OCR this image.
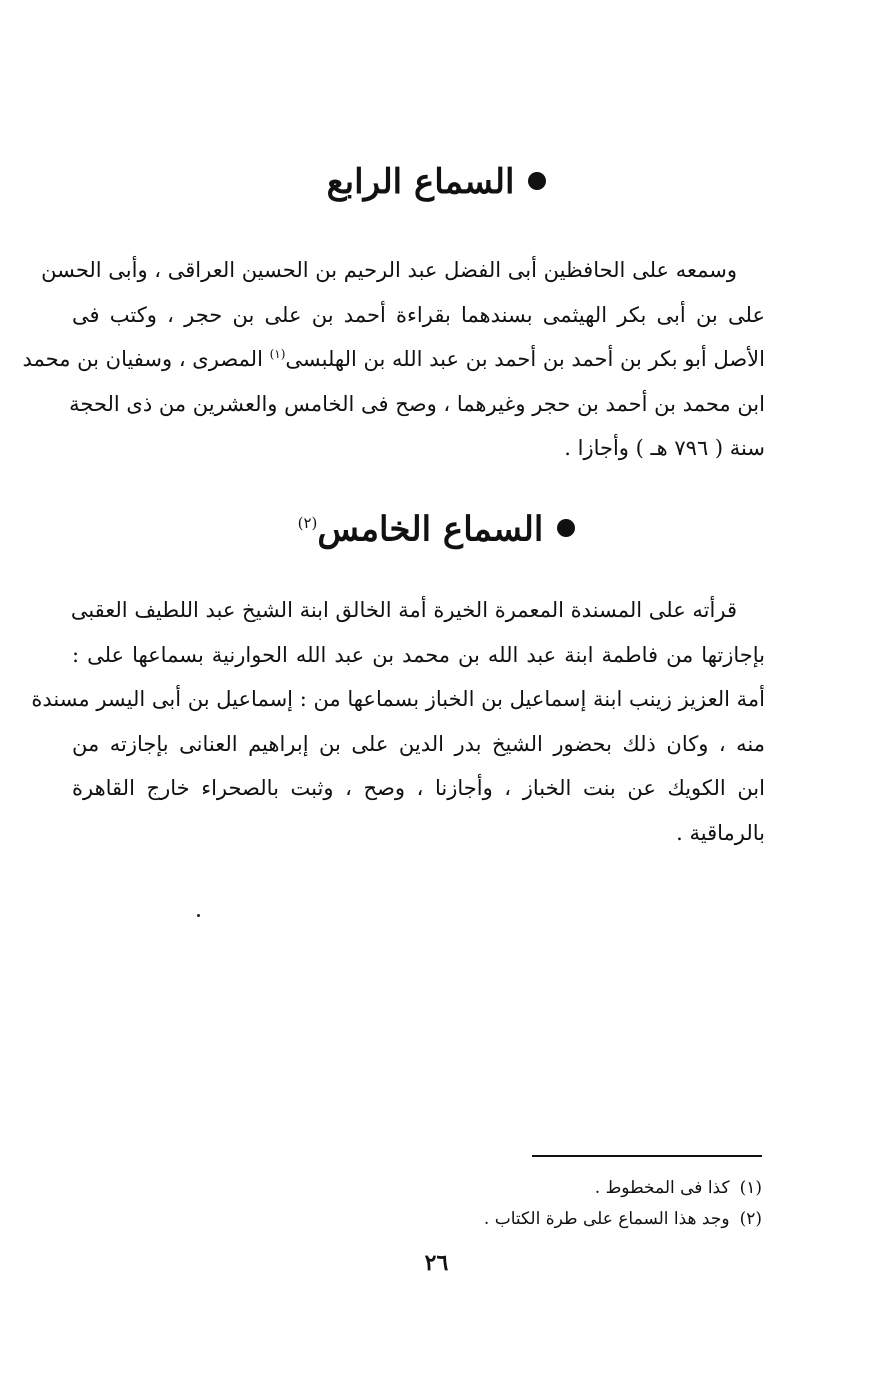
السماع الرابع
وسمعه على الحافظين أبى الفضل عبد الرحيم بن الحسين العراقى ، وأبى الحسن
على بن أبى بكر الهيثمى بسندهما بقراءة أحمد بن على بن حجر ، وكتب فى
الأصل أبو بكر بن أحمد بن أحمد بن عبد الله بن الهلبسى$^{(١)}$ المصرى ، وسفيان بن محمد
ابن محمد بن أحمد بن حجر وغيرهما ، وصح فى الخامس والعشرين من ذى الحجة
سنة ( ٧٩٦ هـ ) وأجازا .
السماع الخامس$^{(٢)}$
قرأته على المسندة المعمرة الخيرة أمة الخالق ابنة الشيخ عبد اللطيف العقبى
بإجازتها من فاطمة ابنة عبد الله بن محمد بن عبد الله الحوارنية بسماعها على :
أمة العزيز زينب ابنة إسماعيل بن الخباز بسماعها من : إسماعيل بن أبى اليسر مسندة
منه ، وكان ذلك بحضور الشيخ بدر الدين على بن إبراهيم العنانى بإجازته من
ابن الكويك عن بنت الخباز ، وأجازنا ، وصح ، وثبت بالصحراء خارج القاهرة
بالرماقية .
(١)كذا فى المخطوط .
(٢)وجد هذا السماع على طرة الكتاب .
٢٦
